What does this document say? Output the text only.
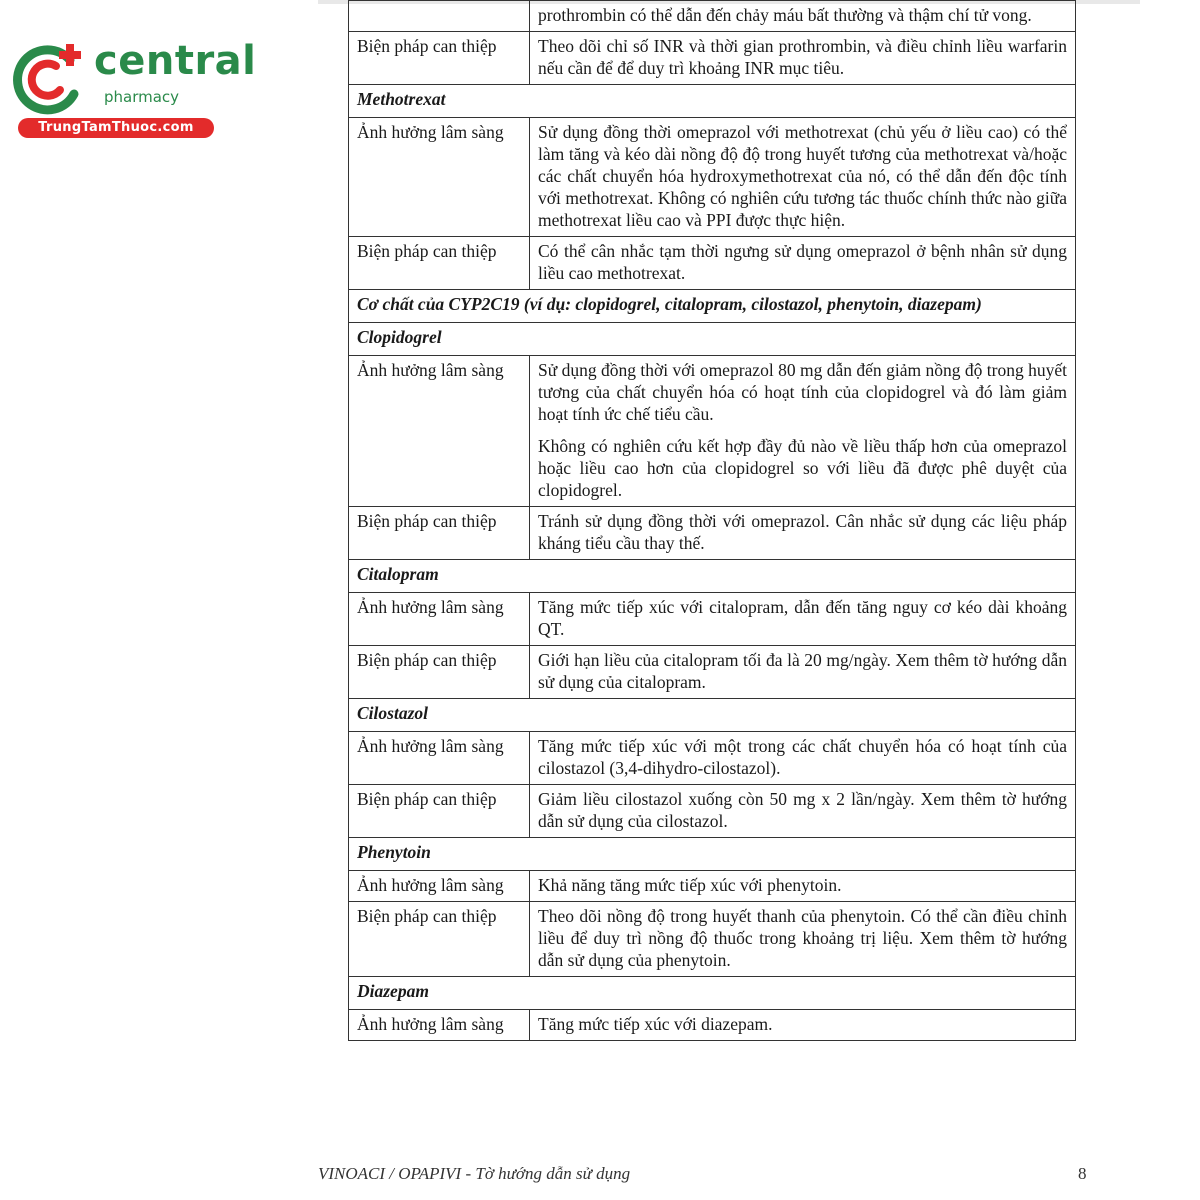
central
pharmacy
TrungTamThuoc.com

	prothrombin có thể dẫn đến chảy máu bất thường và thậm chí tử vong.

Biện pháp can thiệp	Theo dõi chỉ số INR và thời gian prothrombin, và điều chỉnh liều warfarin nếu cần để để duy trì khoảng INR mục tiêu.

Methotrexat	
Ảnh hưởng lâm sàng	Sử dụng đồng thời omeprazol với methotrexat (chủ yếu ở liều cao) có thể làm tăng và kéo dài nồng độ độ trong huyết tương của methotrexat và/hoặc các chất chuyển hóa hydroxymethotrexat của nó, có thể dẫn đến độc tính với methotrexat. Không có nghiên cứu tương tác thuốc chính thức nào giữa methotrexat liều cao và PPI được thực hiện.

Biện pháp can thiệp	Có thể cân nhắc tạm thời ngưng sử dụng omeprazol ở bệnh nhân sử dụng liều cao methotrexat.

Cơ chất của CYP2C19 (ví dụ: clopidogrel, citalopram, cilostazol, phenytoin, diazepam)	
Clopidogrel	
Ảnh hưởng lâm sàng	Sử dụng đồng thời với omeprazol 80 mg dẫn đến giảm nồng độ trong huyết tương của chất chuyển hóa có hoạt tính của clopidogrel và đó làm giảm hoạt tính ức chế tiểu cầu.

Không có nghiên cứu kết hợp đầy đủ nào về liều thấp hơn của omeprazol hoặc liều cao hơn của clopidogrel so với liều đã được phê duyệt của clopidogrel.

Biện pháp can thiệp	Tránh sử dụng đồng thời với omeprazol. Cân nhắc sử dụng các liệu pháp kháng tiểu cầu thay thế.

Citalopram	
Ảnh hưởng lâm sàng	Tăng mức tiếp xúc với citalopram, dẫn đến tăng nguy cơ kéo dài khoảng QT.

Biện pháp can thiệp	Giới hạn liều của citalopram tối đa là 20 mg/ngày. Xem thêm tờ hướng dẫn sử dụng của citalopram.

Cilostazol	
Ảnh hưởng lâm sàng	Tăng mức tiếp xúc với một trong các chất chuyển hóa có hoạt tính của cilostazol (3,4-dihydro-cilostazol).

Biện pháp can thiệp	Giảm liều cilostazol xuống còn 50 mg x 2 lần/ngày. Xem thêm tờ hướng dẫn sử dụng của cilostazol.

Phenytoin	
Ảnh hưởng lâm sàng	Khả năng tăng mức tiếp xúc với phenytoin.

Biện pháp can thiệp	Theo dõi nồng độ trong huyết thanh của phenytoin. Có thể cần điều chỉnh liều để duy trì nồng độ thuốc trong khoảng trị liệu. Xem thêm tờ hướng dẫn sử dụng của phenytoin.

Diazepam	
Ảnh hưởng lâm sàng	Tăng mức tiếp xúc với diazepam.

VINOACI / OPAPIVI - Tờ hướng dẫn sử dụng	8
